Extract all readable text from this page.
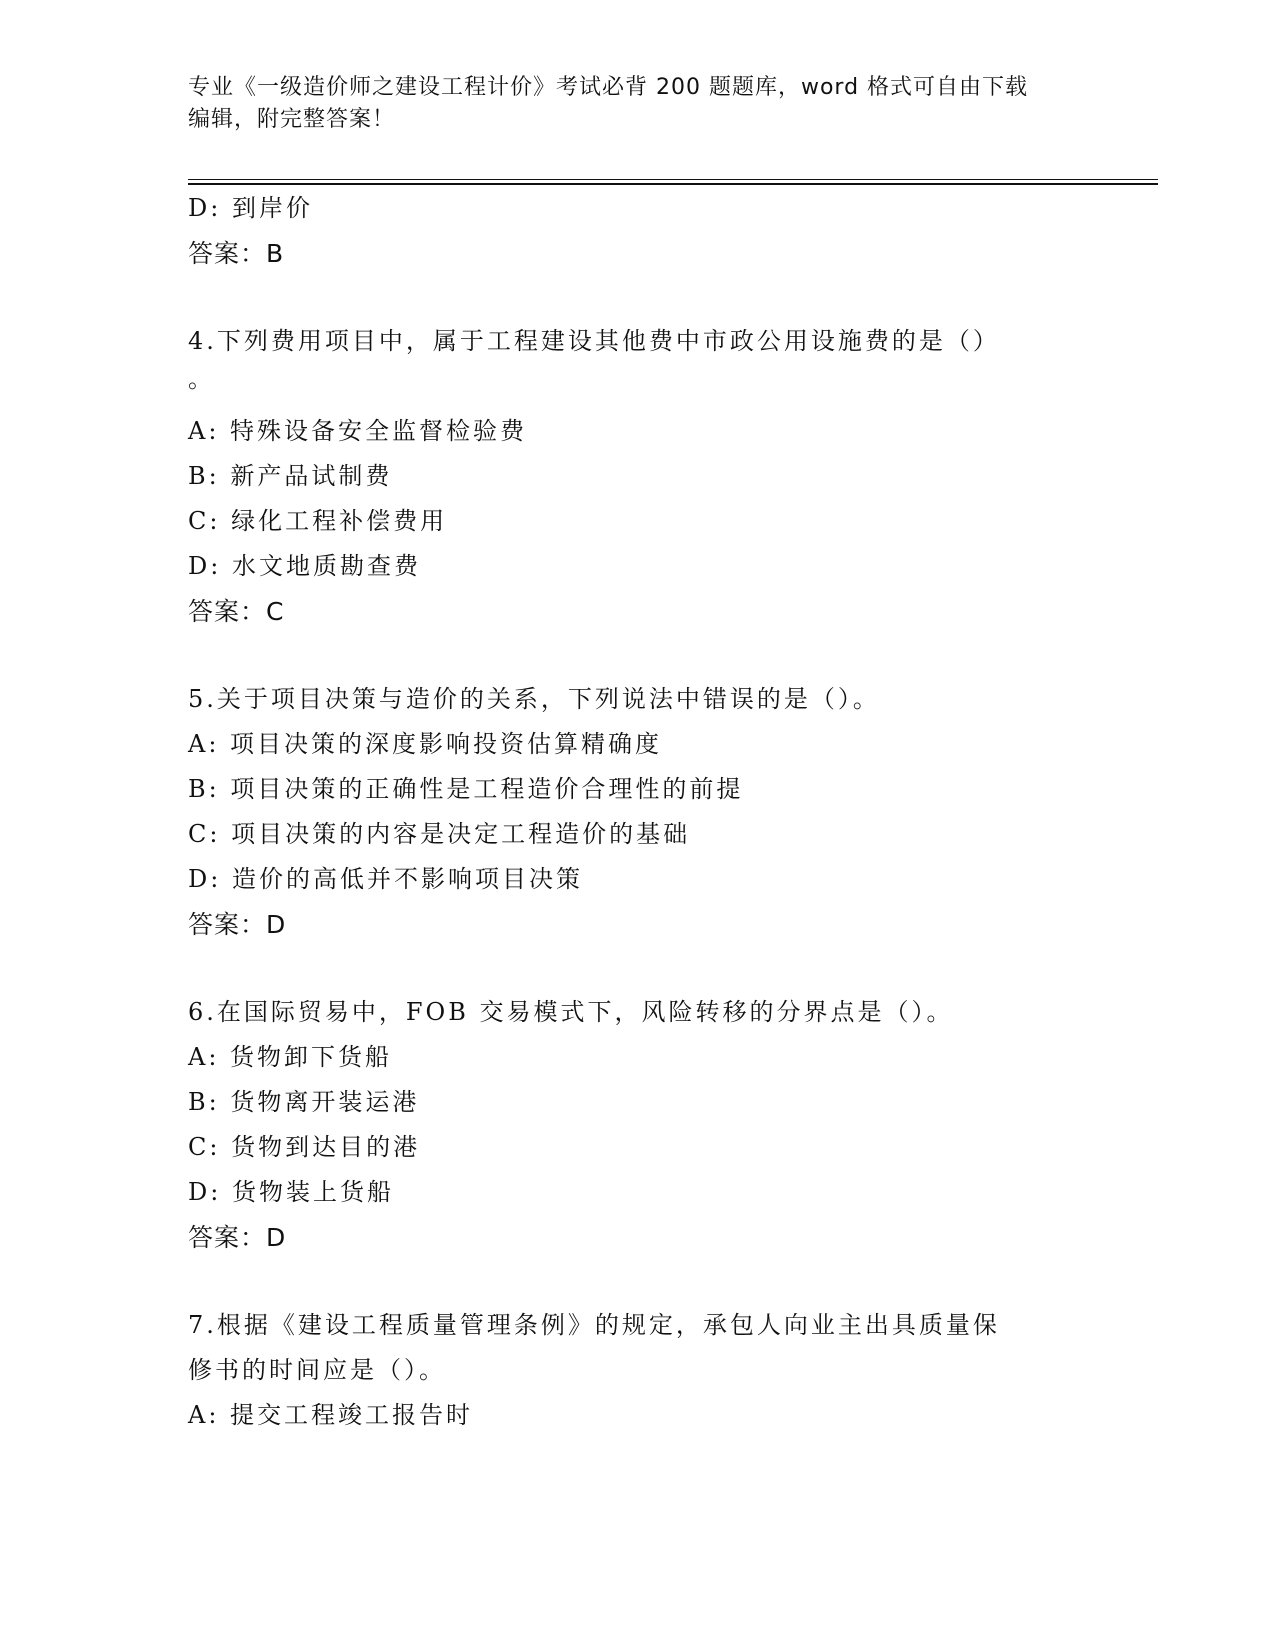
专业《一级造价师之建设工程计价》考试必背 200 题题库，word 格式可自由下载
编辑，附完整答案！
D: 到岸价
答案：B
4.下列费用项目中，属于工程建设其他费中市政公用设施费的是（）
。
A: 特殊设备安全监督检验费
B: 新产品试制费
C: 绿化工程补偿费用
D: 水文地质勘查费
答案：C
5.关于项目决策与造价的关系，下列说法中错误的是（）。
A: 项目决策的深度影响投资估算精确度
B: 项目决策的正确性是工程造价合理性的前提
C: 项目决策的内容是决定工程造价的基础
D: 造价的高低并不影响项目决策
答案：D
6.在国际贸易中，FOB 交易模式下，风险转移的分界点是（）。
A: 货物卸下货船
B: 货物离开装运港
C: 货物到达目的港
D: 货物装上货船
答案：D
7.根据《建设工程质量管理条例》的规定，承包人向业主出具质量保
修书的时间应是（）。
A: 提交工程竣工报告时
